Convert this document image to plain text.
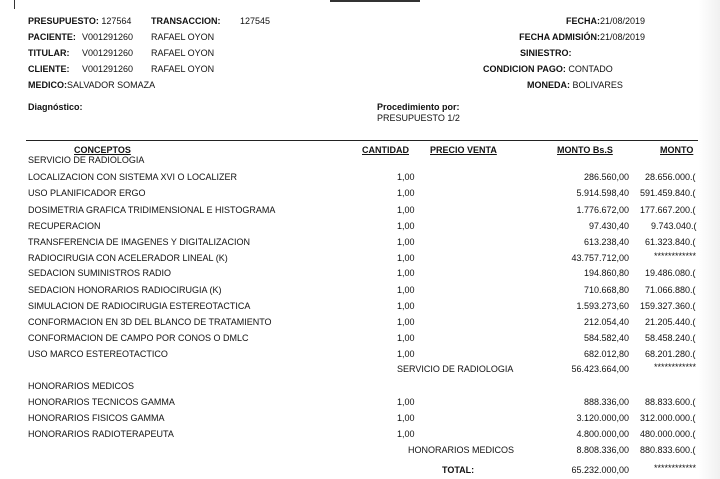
PRESUPUESTO: 127564 TRANSACCION: 127545
PACIENTE: V001291260 RAFAEL OYON
TITULAR: V001291260 RAFAEL OYON
CLIENTE: V001291260 RAFAEL OYON
MEDICO:SALVADOR SOMAZA
FECHA:21/08/2019
FECHA ADMISIÓN:21/08/2019
SINIESTRO:
CONDICION PAGO: CONTADO
MONEDA: BOLIVARES
Diagnóstico:	Procedimiento por:
PRESUPUESTO 1/2
CONCEPTOS	CANTIDAD PRECIO VENTA	MONTO Bs.S	MONTO
SERVICIO DE RADIOLOGIA
LOCALIZACION CON SISTEMA XVI O LOCALIZER	1,00	286.560,00 28.656.000.(
USO PLANIFICADOR ERGO	1,00	5.914.598,40 591.459.840.(
DOSIMETRIA GRAFICA TRIDIMENSIONAL E HISTOGRAMA	1,00	1.776.672,00 177.667.200.(
RECUPERACION	1,00	97.430,40 9.743.040.(
TRANSFERENCIA DE IMAGENES Y DIGITALIZACION	1,00	613.238,40 61.323.840.(
RADIOCIRUGIA CON ACELERADOR LINEAL (K)	1,00	43.757.712,00	************
SEDACION SUMINISTROS RADIO	1,00	194.860,80 19.486.080.(
SEDACION HONORARIOS RADIOCIRUGIA (K)	1,00	710.668,80 71.066.880.(
SIMULACION DE RADIOCIRUGIA ESTEREOTACTICA	1,00	1.593.273,60 159.327.360.(
CONFORMACION EN 3D DEL BLANCO DE TRATAMIENTO	1,00	212.054,40 21.205.440.(
CONFORMACION DE CAMPO POR CONOS O DMLC	1,00	584.582,40 58.458.240.(
USO MARCO ESTEREOTACTICO	1,00	682.012,80 68.201.280.(
SERVICIO DE RADIOLOGIA	56.423.664,00	************
HONORARIOS MEDICOS
HONORARIOS TECNICOS GAMMA	1,00	888.336,00 88.833.600.(
HONORARIOS FISICOS GAMMA	1,00	3.120.000,00 312.000.000.(
HONORARIOS RADIOTERAPEUTA	1,00	4.800.000,00 480.000.000.(
HONORARIOS MEDICOS	8.808.336,00 880.833.600.(
TOTAL:	65.232.000,00	************
